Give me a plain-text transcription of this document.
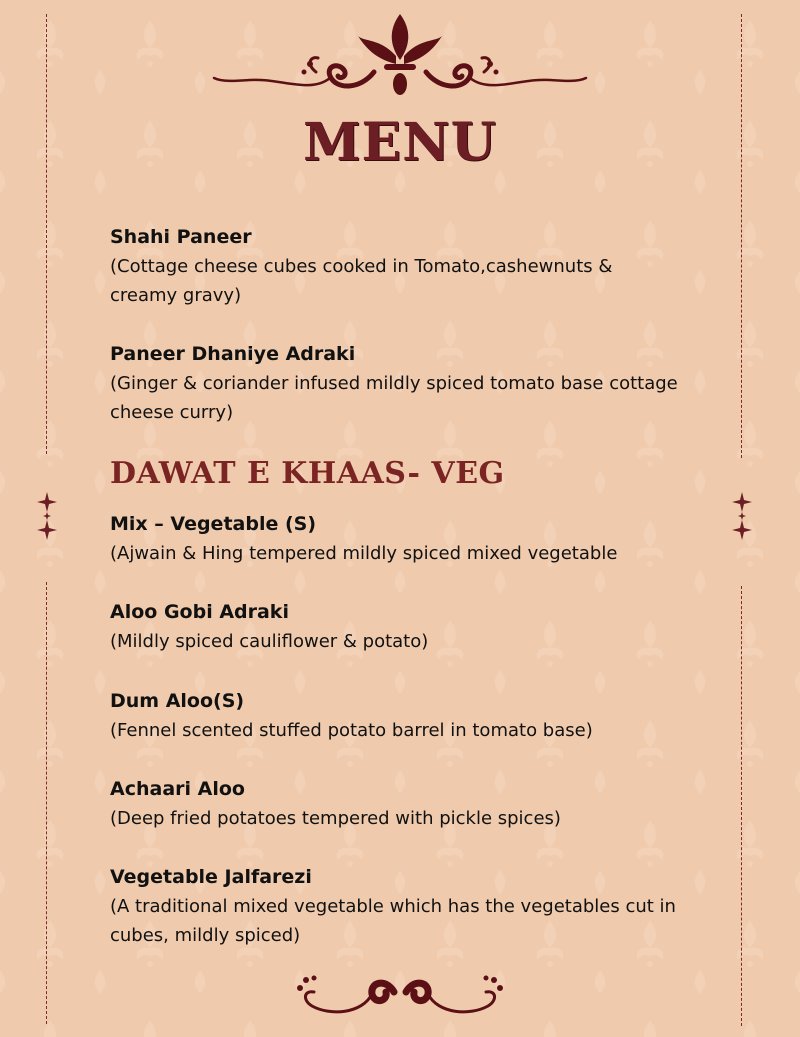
MENU
Shahi Paneer
(Cottage cheese cubes cooked in Tomato,cashewnuts &
creamy gravy)
Paneer Dhaniye Adraki
(Ginger & coriander infused mildly spiced tomato base cottage
cheese curry)
DAWAT E KHAAS- VEG
Mix – Vegetable (S)
(Ajwain & Hing tempered mildly spiced mixed vegetable
Aloo Gobi Adraki
(Mildly spiced cauliflower & potato)
Dum Aloo(S)
(Fennel scented stuffed potato barrel in tomato base)
Achaari Aloo
(Deep fried potatoes tempered with pickle spices)
Vegetable Jalfarezi
(A traditional mixed vegetable which has the vegetables cut in
cubes, mildly spiced)
